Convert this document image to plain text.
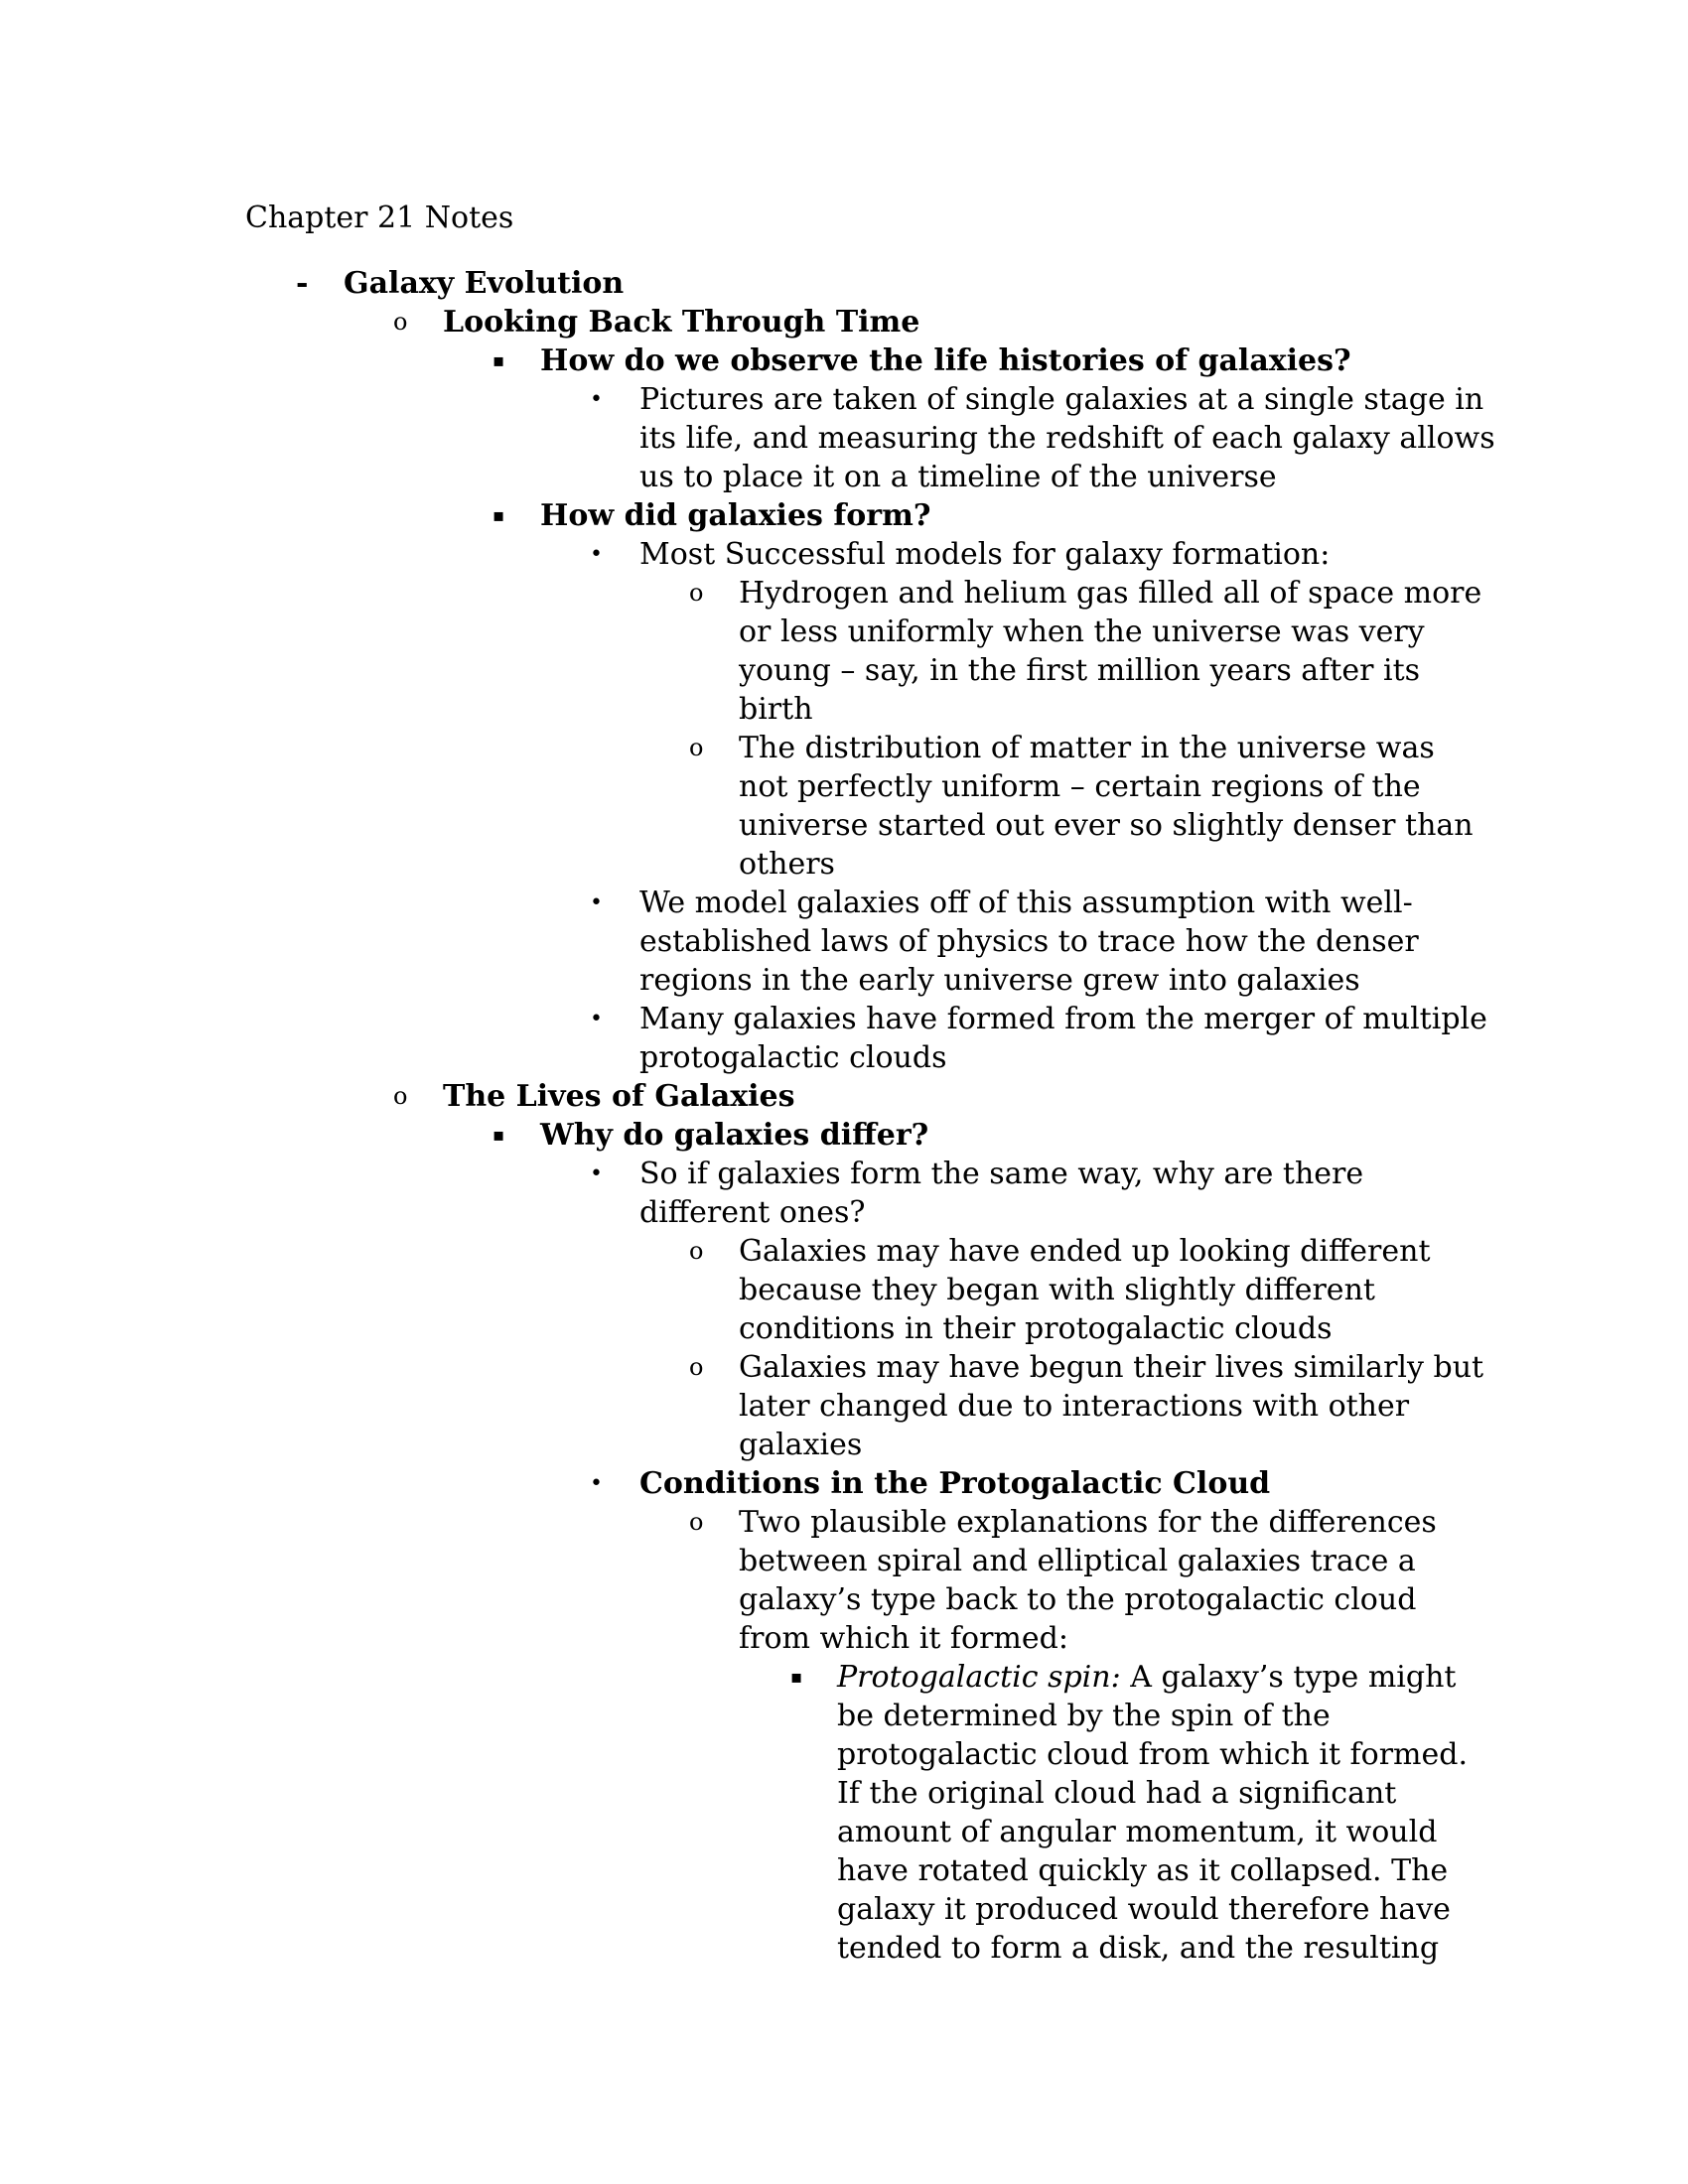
Chapter 21 Notes
- Galaxy Evolution
o Looking Back Through Time
▪ How do we observe the life histories of galaxies?
• Pictures are taken of single galaxies at a single stage in
its life, and measuring the redshift of each galaxy allows
us to place it on a timeline of the universe
▪ How did galaxies form?
• Most Successful models for galaxy formation:
o Hydrogen and helium gas filled all of space more
or less uniformly when the universe was very
young – say, in the first million years after its
birth
o The distribution of matter in the universe was
not perfectly uniform – certain regions of the
universe started out ever so slightly denser than
others
• We model galaxies off of this assumption with well-
established laws of physics to trace how the denser
regions in the early universe grew into galaxies
• Many galaxies have formed from the merger of multiple
protogalactic clouds
o The Lives of Galaxies
▪ Why do galaxies differ?
• So if galaxies form the same way, why are there
different ones?
o Galaxies may have ended up looking different
because they began with slightly different
conditions in their protogalactic clouds
o Galaxies may have begun their lives similarly but
later changed due to interactions with other
galaxies
• Conditions in the Protogalactic Cloud
o Two plausible explanations for the differences
between spiral and elliptical galaxies trace a
galaxy’s type back to the protogalactic cloud
from which it formed:
▪ Protogalactic spin: A galaxy’s type might
be determined by the spin of the
protogalactic cloud from which it formed.
If the original cloud had a significant
amount of angular momentum, it would
have rotated quickly as it collapsed. The
galaxy it produced would therefore have
tended to form a disk, and the resulting
